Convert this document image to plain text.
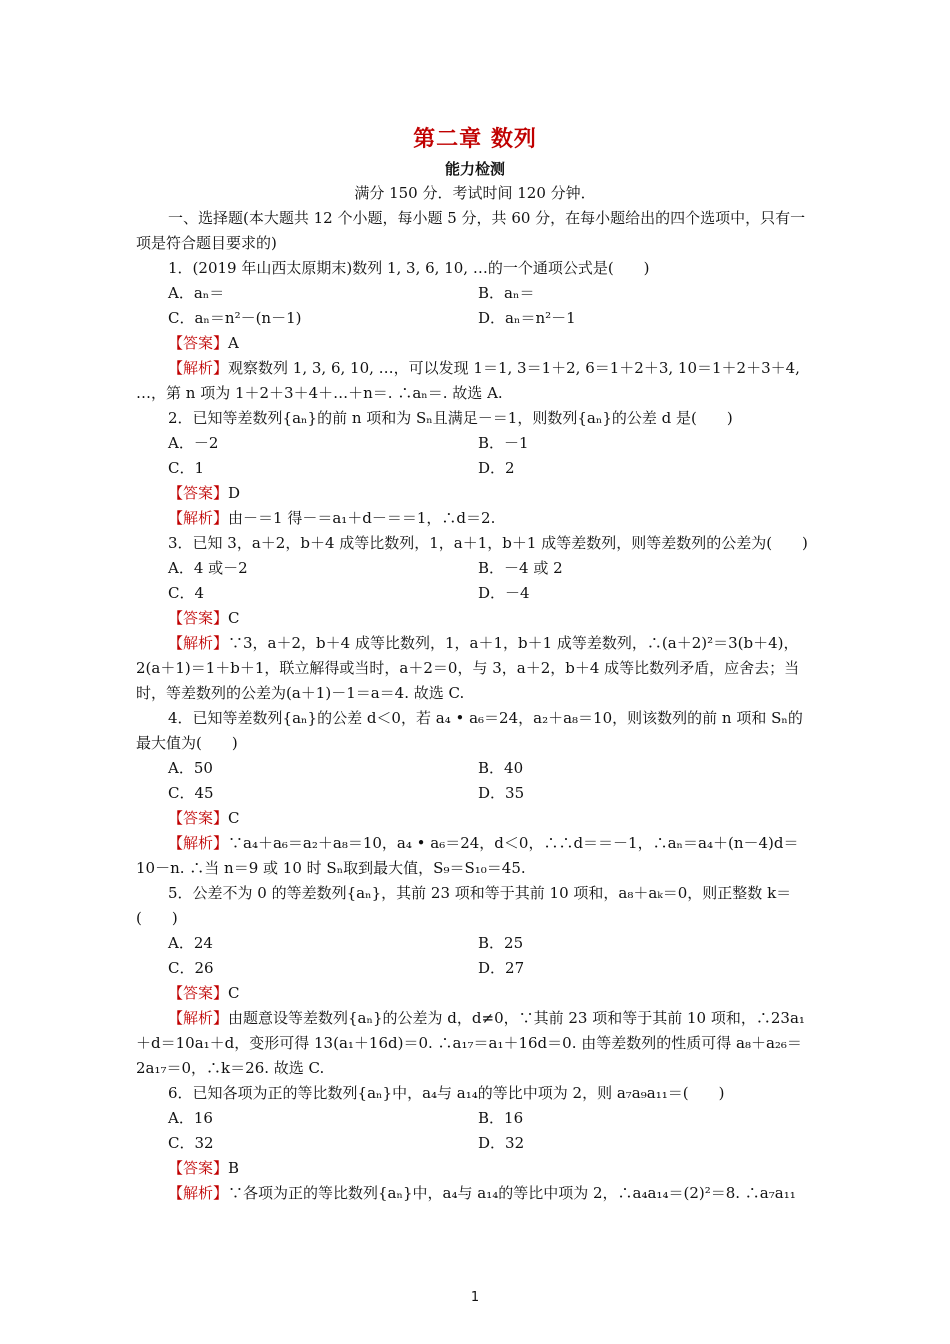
第二章 数列
能力检测
满分 150 分．考试时间 120 分钟．

一、选择题(本大题共 12 个小题，每小题 5 分，共 60 分，在每小题给出的四个选项中，只有一项是符合题目要求的)

1．(2019 年山西太原期末)数列 1, 3, 6, 10, …的一个通项公式是(　　)

A．aₙ＝	B．aₙ＝
C．aₙ＝n²－(n－1)	D．aₙ＝n²－1

【答案】A

【解析】观察数列 1, 3, 6, 10, …，可以发现 1＝1, 3＝1＋2, 6＝1＋2＋3, 10＝1＋2＋3＋4, …，第 n 项为 1＋2＋3＋4＋…＋n＝. ∴aₙ＝. 故选 A.

2．已知等差数列{aₙ}的前 n 项和为 Sₙ且满足－＝1，则数列{aₙ}的公差 d 是(　　)

A．－2	B．－1
C．1	D．2

【答案】D

【解析】由－＝1 得－＝a₁＋d－＝＝1，∴d＝2.

3．已知 3，a＋2，b＋4 成等比数列，1，a＋1，b＋1 成等差数列，则等差数列的公差为(　　)

A．4 或－2	B．－4 或 2
C．4	D．－4

【答案】C

【解析】∵3，a＋2，b＋4 成等比数列，1，a＋1，b＋1 成等差数列，∴(a＋2)²＝3(b＋4)，2(a＋1)＝1＋b＋1，联立解得或当时，a＋2＝0，与 3，a＋2，b＋4 成等比数列矛盾，应舍去；当时，等差数列的公差为(a＋1)－1＝a＝4. 故选 C.

4．已知等差数列{aₙ}的公差 d＜0，若 a₄ • a₆＝24，a₂＋a₈＝10，则该数列的前 n 项和 Sₙ的最大值为(　　)

A．50	B．40
C．45	D．35

【答案】C

【解析】∵a₄＋a₆＝a₂＋a₈＝10，a₄ • a₆＝24，d＜0，∴∴d＝＝－1，∴aₙ＝a₄＋(n－4)d＝10－n. ∴当 n＝9 或 10 时 Sₙ取到最大值，S₉＝S₁₀＝45.

5．公差不为 0 的等差数列{aₙ}，其前 23 项和等于其前 10 项和，a₈＋aₖ＝0，则正整数 k＝(　　)

A．24	B．25
C．26	D．27

【答案】C

【解析】由题意设等差数列{aₙ}的公差为 d，d≠0，∵其前 23 项和等于其前 10 项和，∴23a₁＋d＝10a₁＋d，变形可得 13(a₁＋16d)＝0. ∴a₁₇＝a₁＋16d＝0. 由等差数列的性质可得 a₈＋a₂₆＝2a₁₇＝0，∴k＝26. 故选 C.

6．已知各项为正的等比数列{aₙ}中，a₄与 a₁₄的等比中项为 2，则 a₇a₉a₁₁＝(　　)

A．16	B．16
C．32	D．32

【答案】B

【解析】∵各项为正的等比数列{aₙ}中，a₄与 a₁₄的等比中项为 2，∴a₄a₁₄＝(2)²＝8. ∴a₇a₁₁

1
